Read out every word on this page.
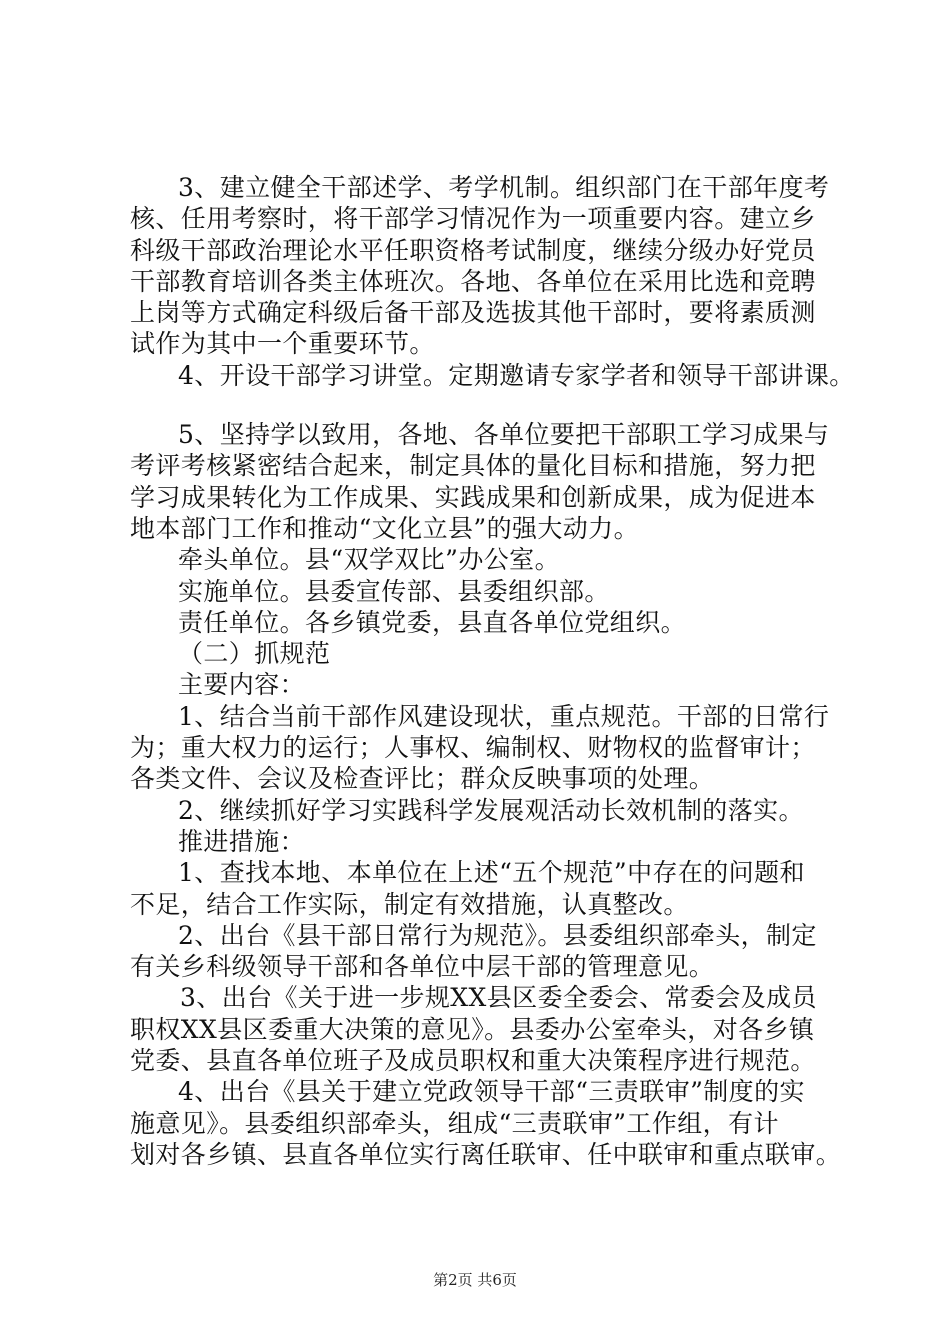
3、建立健全干部述学、考学机制。组织部门在干部年度考
核、任用考察时，将干部学习情况作为一项重要内容。建立乡
科级干部政治理论水平任职资格考试制度，继续分级办好党员
干部教育培训各类主体班次。各地、各单位在采用比选和竞聘
上岗等方式确定科级后备干部及选拔其他干部时，要将素质测
试作为其中一个重要环节。
4、开设干部学习讲堂。定期邀请专家学者和领导干部讲课。
5、坚持学以致用，各地、各单位要把干部职工学习成果与
考评考核紧密结合起来，制定具体的量化目标和措施，努力把
学习成果转化为工作成果、实践成果和创新成果，成为促进本
地本部门工作和推动“文化立县”的强大动力。
牵头单位。县“双学双比”办公室。
实施单位。县委宣传部、县委组织部。
责任单位。各乡镇党委，县直各单位党组织。
（二）抓规范
主要内容：
1、结合当前干部作风建设现状，重点规范。干部的日常行
为；重大权力的运行；人事权、编制权、财物权的监督审计；
各类文件、会议及检查评比；群众反映事项的处理。
2、继续抓好学习实践科学发展观活动长效机制的落实。
推进措施：
1、查找本地、本单位在上述“五个规范”中存在的问题和
不足，结合工作实际，制定有效措施，认真整改。
2、出台《县干部日常行为规范》。县委组织部牵头，制定
有关乡科级领导干部和各单位中层干部的管理意见。
3、出台《关于进一步规XX县区委全委会、常委会及成员
职权XX县区委重大决策的意见》。县委办公室牵头，对各乡镇
党委、县直各单位班子及成员职权和重大决策程序进行规范。
4、出台《县关于建立党政领导干部“三责联审”制度的实
施意见》。县委组织部牵头，组成“三责联审”工作组，有计
划对各乡镇、县直各单位实行离任联审、任中联审和重点联审。
第2页 共6页
